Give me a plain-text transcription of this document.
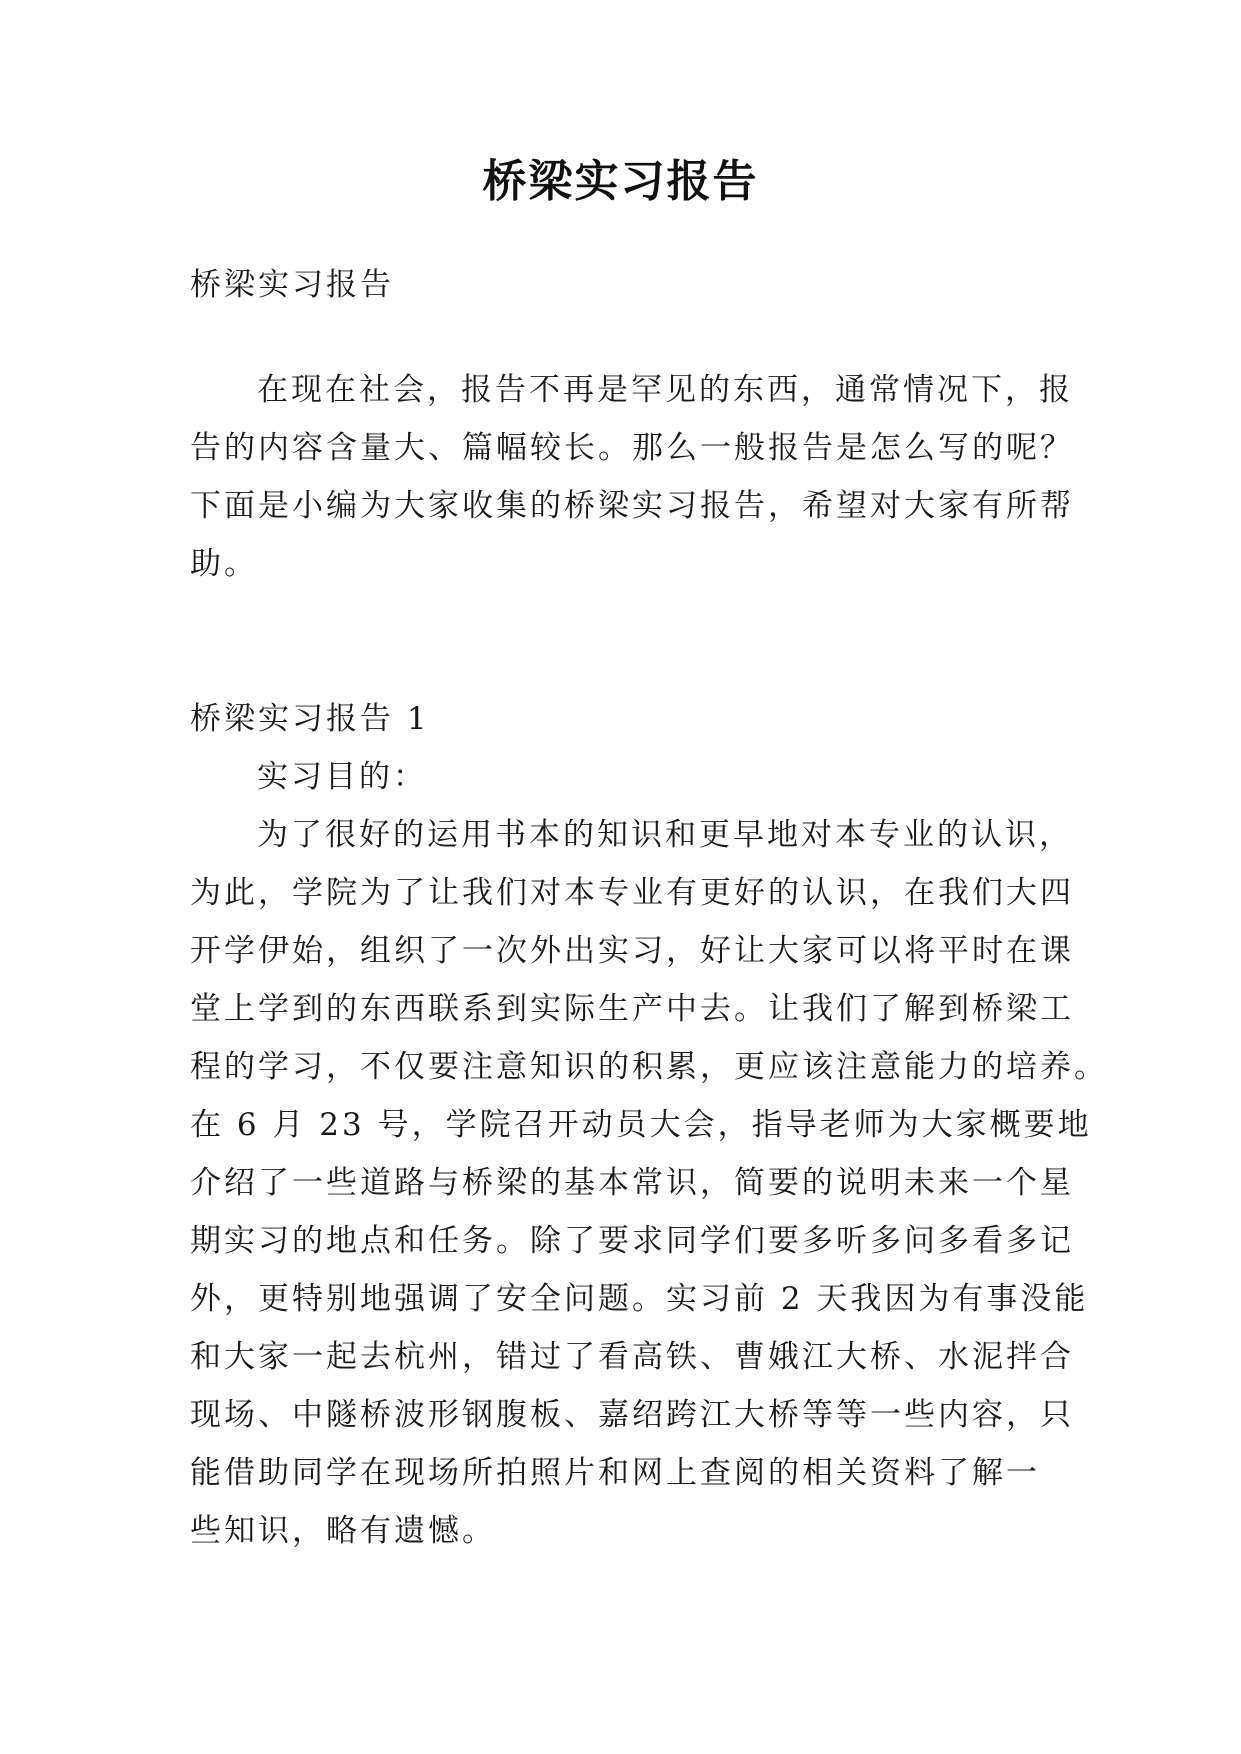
桥梁实习报告
桥梁实习报告
在现在社会，报告不再是罕见的东西，通常情况下，报
告的内容含量大、篇幅较长。那么一般报告是怎么写的呢？
下面是小编为大家收集的桥梁实习报告，希望对大家有所帮
助。
桥梁实习报告 1
实习目的：
为了很好的运用书本的知识和更早地对本专业的认识，
为此，学院为了让我们对本专业有更好的认识，在我们大四
开学伊始，组织了一次外出实习，好让大家可以将平时在课
堂上学到的东西联系到实际生产中去。让我们了解到桥梁工
程的学习，不仅要注意知识的积累，更应该注意能力的培养。
在 6 月 23 号，学院召开动员大会，指导老师为大家概要地
介绍了一些道路与桥梁的基本常识，简要的说明未来一个星
期实习的地点和任务。除了要求同学们要多听多问多看多记
外，更特别地强调了安全问题。实习前 2 天我因为有事没能
和大家一起去杭州，错过了看高铁、曹娥江大桥、水泥拌合
现场、中隧桥波形钢腹板、嘉绍跨江大桥等等一些内容，只
能借助同学在现场所拍照片和网上查阅的相关资料了解一
些知识，略有遗憾。
